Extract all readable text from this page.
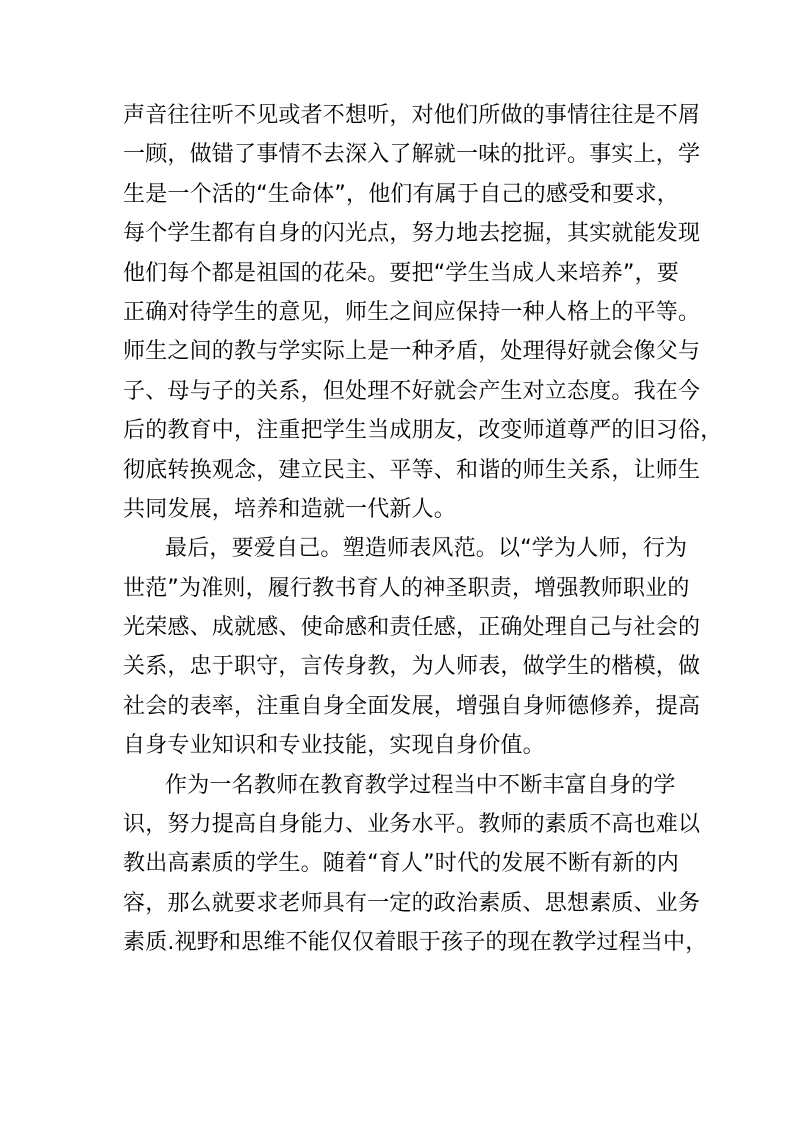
声音往往听不见或者不想听，对他们所做的事情往往是不屑
一顾，做错了事情不去深入了解就一味的批评。事实上，学
生是一个活的“生命体”，他们有属于自己的感受和要求，
每个学生都有自身的闪光点，努力地去挖掘，其实就能发现
他们每个都是祖国的花朵。要把“学生当成人来培养”，要
正确对待学生的意见，师生之间应保持一种人格上的平等。
师生之间的教与学实际上是一种矛盾，处理得好就会像父与
子、母与子的关系，但处理不好就会产生对立态度。我在今
后的教育中，注重把学生当成朋友，改变师道尊严的旧习俗，
彻底转换观念，建立民主、平等、和谐的师生关系，让师生
共同发展，培养和造就一代新人。
最后，要爱自己。塑造师表风范。以“学为人师，行为
世范”为准则，履行教书育人的神圣职责，增强教师职业的
光荣感、成就感、使命感和责任感，正确处理自己与社会的
关系，忠于职守，言传身教，为人师表，做学生的楷模，做
社会的表率，注重自身全面发展，增强自身师德修养，提高
自身专业知识和专业技能，实现自身价值。
作为一名教师在教育教学过程当中不断丰富自身的学
识，努力提高自身能力、业务水平。教师的素质不高也难以
教出高素质的学生。随着“育人”时代的发展不断有新的内
容，那么就要求老师具有一定的政治素质、思想素质、业务
素质.视野和思维不能仅仅着眼于孩子的现在教学过程当中，
